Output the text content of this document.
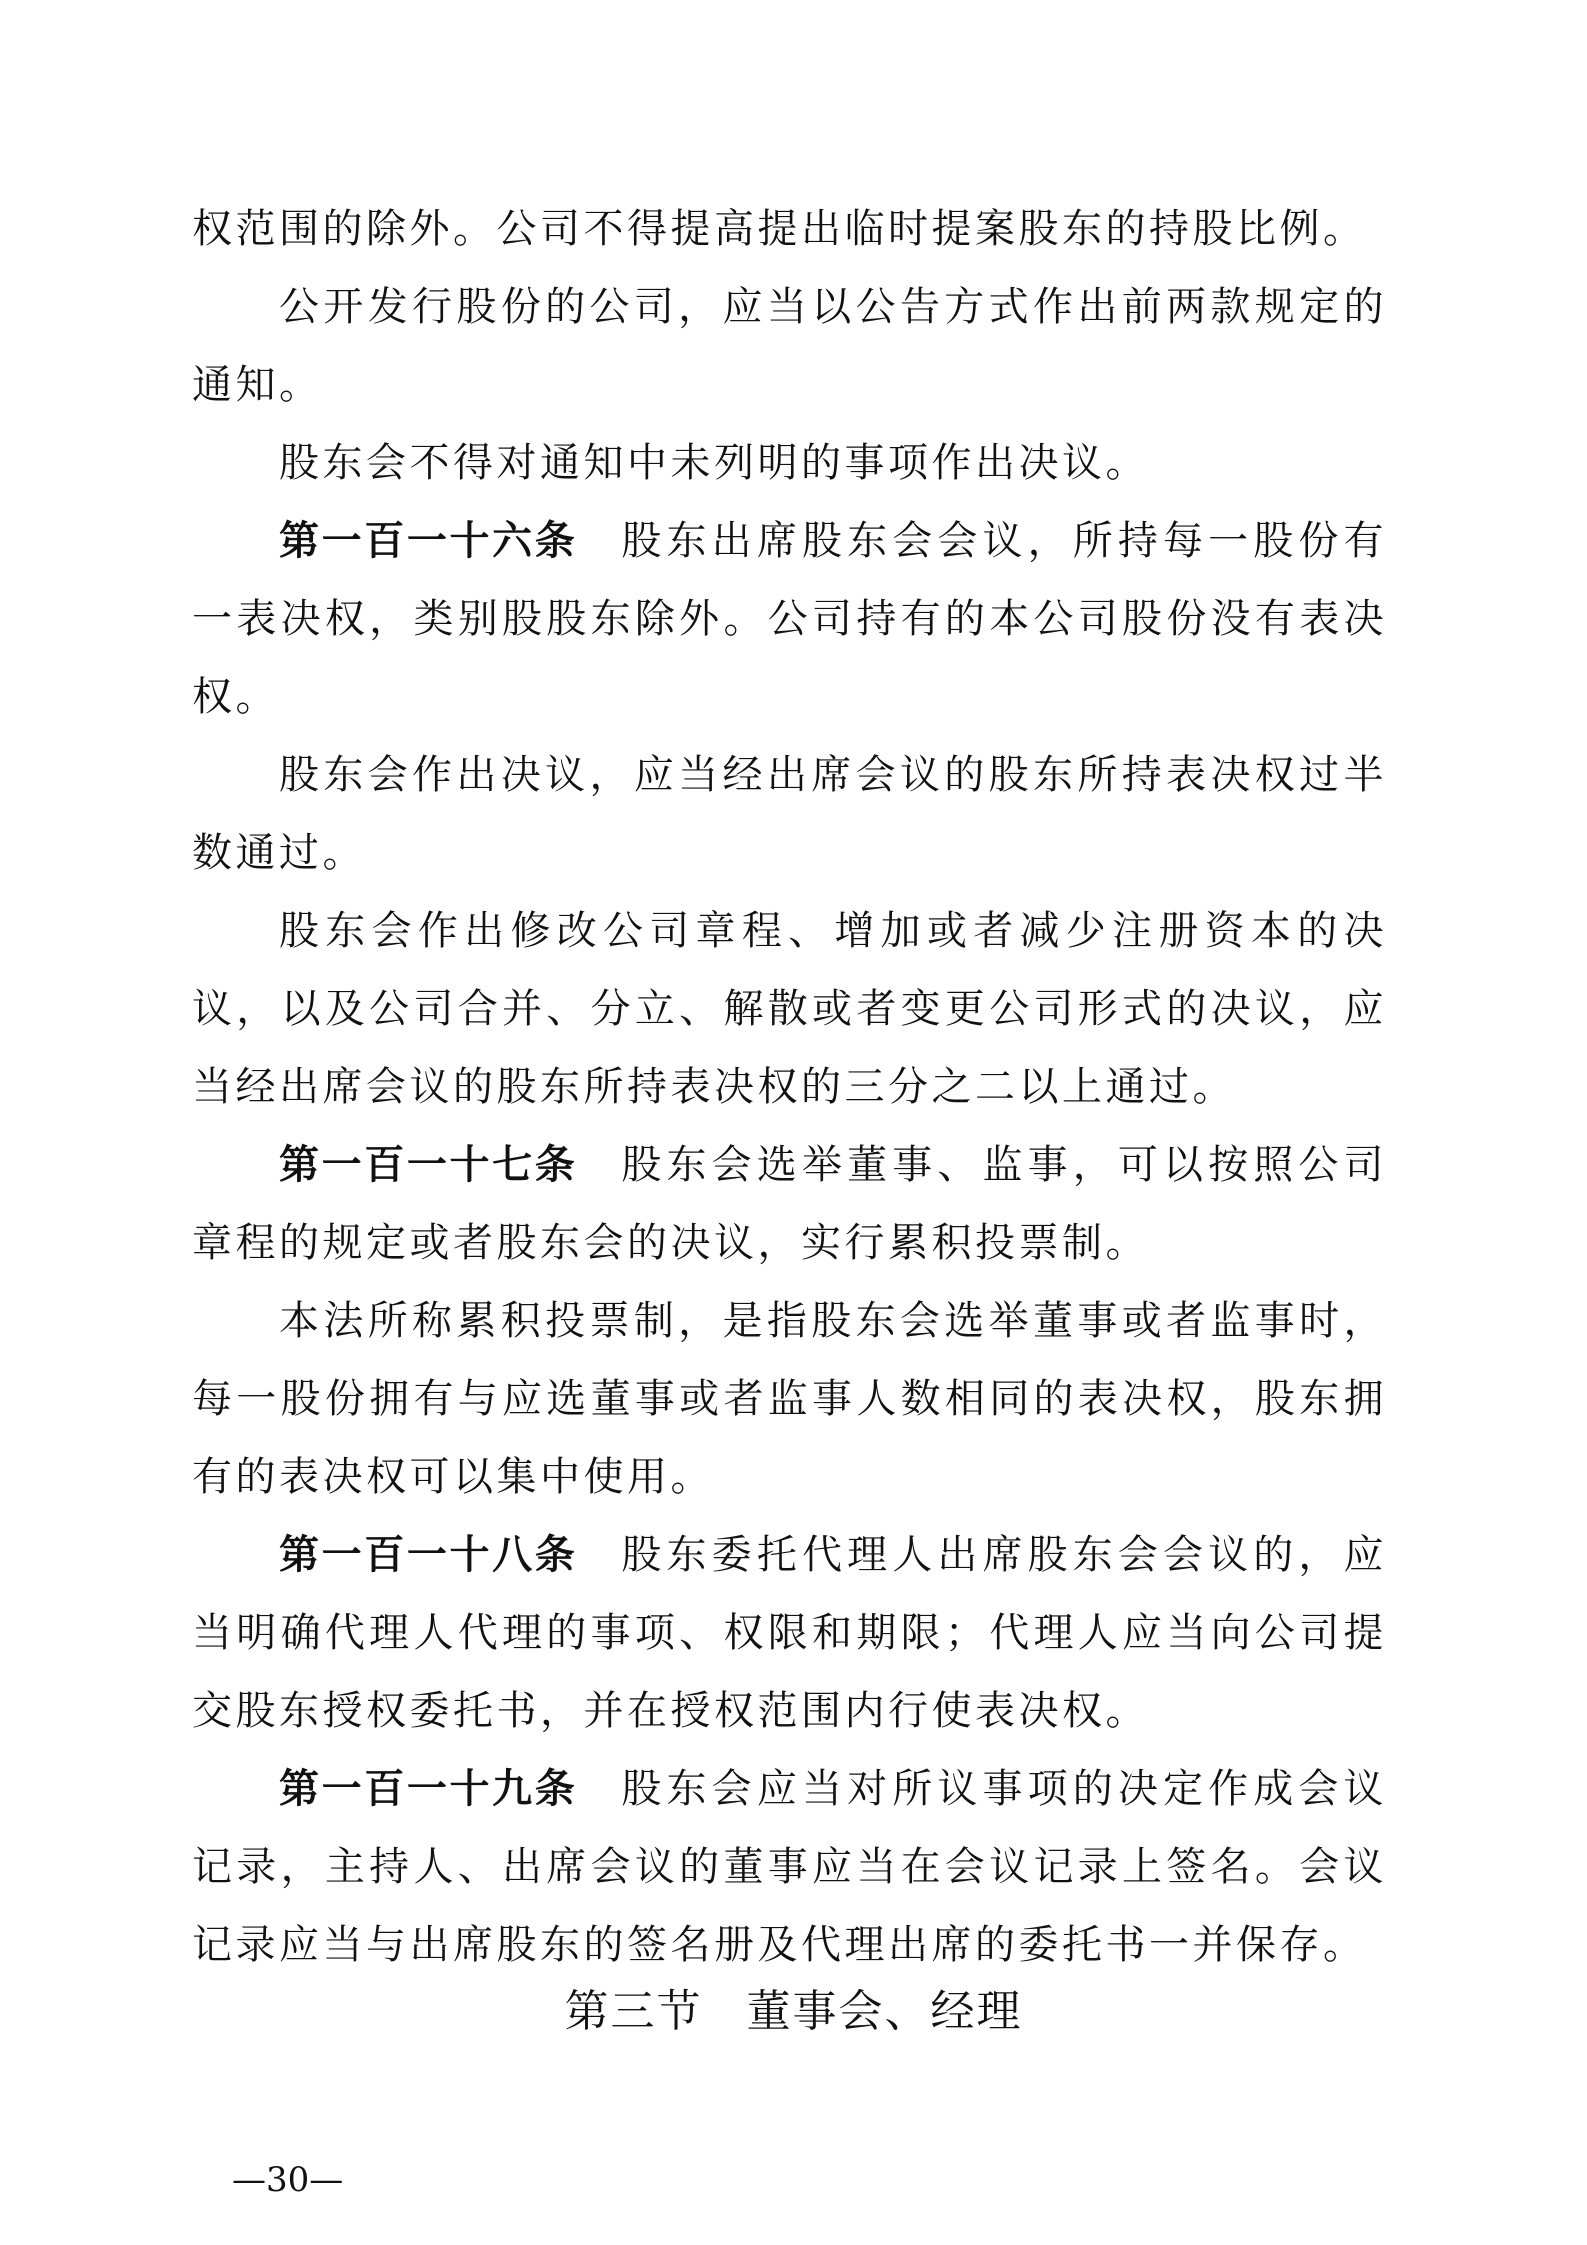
权范围的除外。公司不得提高提出临时提案股东的持股比例。

公开发行股份的公司，应当以公告方式作出前两款规定的通知。

股东会不得对通知中未列明的事项作出决议。

第一百一十六条 股东出席股东会会议，所持每一股份有一表决权，类别股股东除外。公司持有的本公司股份没有表决权。

股东会作出决议，应当经出席会议的股东所持表决权过半数通过。

股东会作出修改公司章程、增加或者减少注册资本的决议，以及公司合并、分立、解散或者变更公司形式的决议，应当经出席会议的股东所持表决权的三分之二以上通过。

第一百一十七条 股东会选举董事、监事，可以按照公司章程的规定或者股东会的决议，实行累积投票制。

本法所称累积投票制，是指股东会选举董事或者监事时，每一股份拥有与应选董事或者监事人数相同的表决权，股东拥有的表决权可以集中使用。

第一百一十八条 股东委托代理人出席股东会会议的，应当明确代理人代理的事项、权限和期限；代理人应当向公司提交股东授权委托书，并在授权范围内行使表决权。

第一百一十九条 股东会应当对所议事项的决定作成会议记录，主持人、出席会议的董事应当在会议记录上签名。会议记录应当与出席股东的签名册及代理出席的委托书一并保存。

第三节 董事会、经理
—30—
